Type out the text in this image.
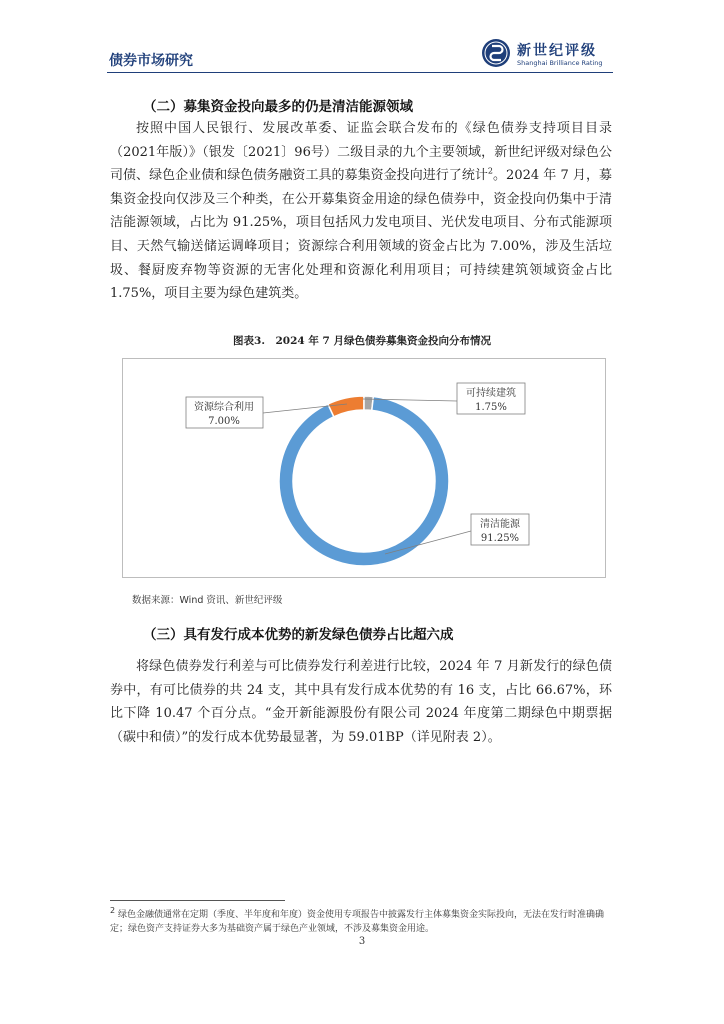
债券市场研究
新世纪评级
Shanghai Brilliance Rating
（二）募集资金投向最多的仍是清洁能源领域

按照中国人民银行、发展改革委、证监会联合发布的《绿色债券支持项目目录（2021年版）》（银发〔2021〕96号）二级目录的九个主要领域，新世纪评级对绿色公司债、绿色企业债和绿色债务融资工具的募集资金投向进行了统计$^2$。2024 年 7 月，募集资金投向仅涉及三个种类，在公开募集资金用途的绿色债券中，资金投向仍集中于清洁能源领域，占比为 91.25%，项目包括风力发电项目、光伏发电项目、分布式能源项目、天然气输送储运调峰项目；资源综合利用领域的资金占比为 7.00%，涉及生活垃圾、餐厨废弃物等资源的无害化处理和资源化利用项目；可持续建筑领域资金占比 1.75%，项目主要为绿色建筑类。

图表3.　2024 年 7 月绿色债券募集资金投向分布情况

可持续建筑
1.75%
资源综合利用
7.00%
清洁能源
91.25%

数据来源：Wind 资讯、新世纪评级

（三）具有发行成本优势的新发绿色债券占比超六成

将绿色债券发行利差与可比债券发行利差进行比较，2024 年 7 月新发行的绿色债券中，有可比债券的共 24 支，其中具有发行成本优势的有 16 支，占比 66.67%，环比下降 10.47 个百分点。“金开新能源股份有限公司 2024 年度第二期绿色中期票据（碳中和债）”的发行成本优势最显著，为 59.01BP（详见附表 2）。

$^2$ 绿色金融债通常在定期（季度、半年度和年度）资金使用专项报告中披露发行主体募集资金实际投向，无法在发行时准确确定；绿色资产支持证券大多为基础资产属于绿色产业领域，不涉及募集资金用途。

3
